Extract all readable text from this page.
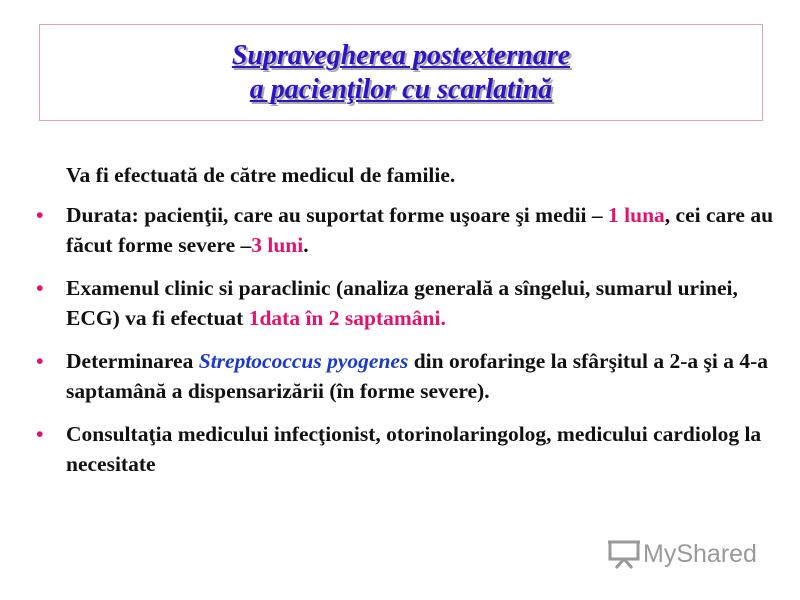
Supravegherea postexternare
a pacienţilor cu scarlatină

Va fi efectuată de către medicul de familie.

• Durata: pacienţii, care au suportat forme uşoare şi medii – 1 luna, cei care au făcut forme severe –3 luni.
• Examenul clinic si paraclinic (analiza generală a sîngelui, sumarul urinei, ECG) va fi efectuat 1data în 2 saptamâni.
• Determinarea Streptococcus pyogenes din orofaringe la sfârşitul a 2-a şi a 4-a saptamână a dispensarizării (în forme severe).
• Consultaţia medicului infecţionist, otorinolaringolog, medicului cardiolog la necesitate
My Sh ared
